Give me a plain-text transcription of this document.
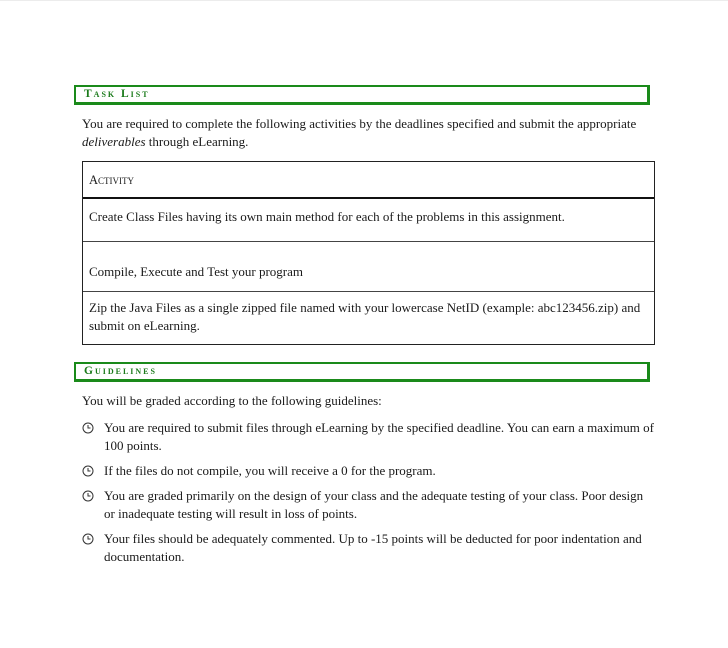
Task List
You are required to complete the following activities by the deadlines specified and submit the appropriate deliverables through eLearning.
Activity
Create Class Files having its own main method for each of the problems in this assignment.
Compile, Execute and Test your program
Zip the Java Files as a single zipped file named with your lowercase NetID (example: abc123456.zip) and submit on eLearning.
Guidelines
You will be graded according to the following guidelines:
You are required to submit files through eLearning by the specified deadline. You can earn a maximum of 100 points.
If the files do not compile, you will receive a 0 for the program.
You are graded primarily on the design of your class and the adequate testing of your class. Poor design or inadequate testing will result in loss of points.
Your files should be adequately commented. Up to -15 points will be deducted for poor indentation and documentation.
